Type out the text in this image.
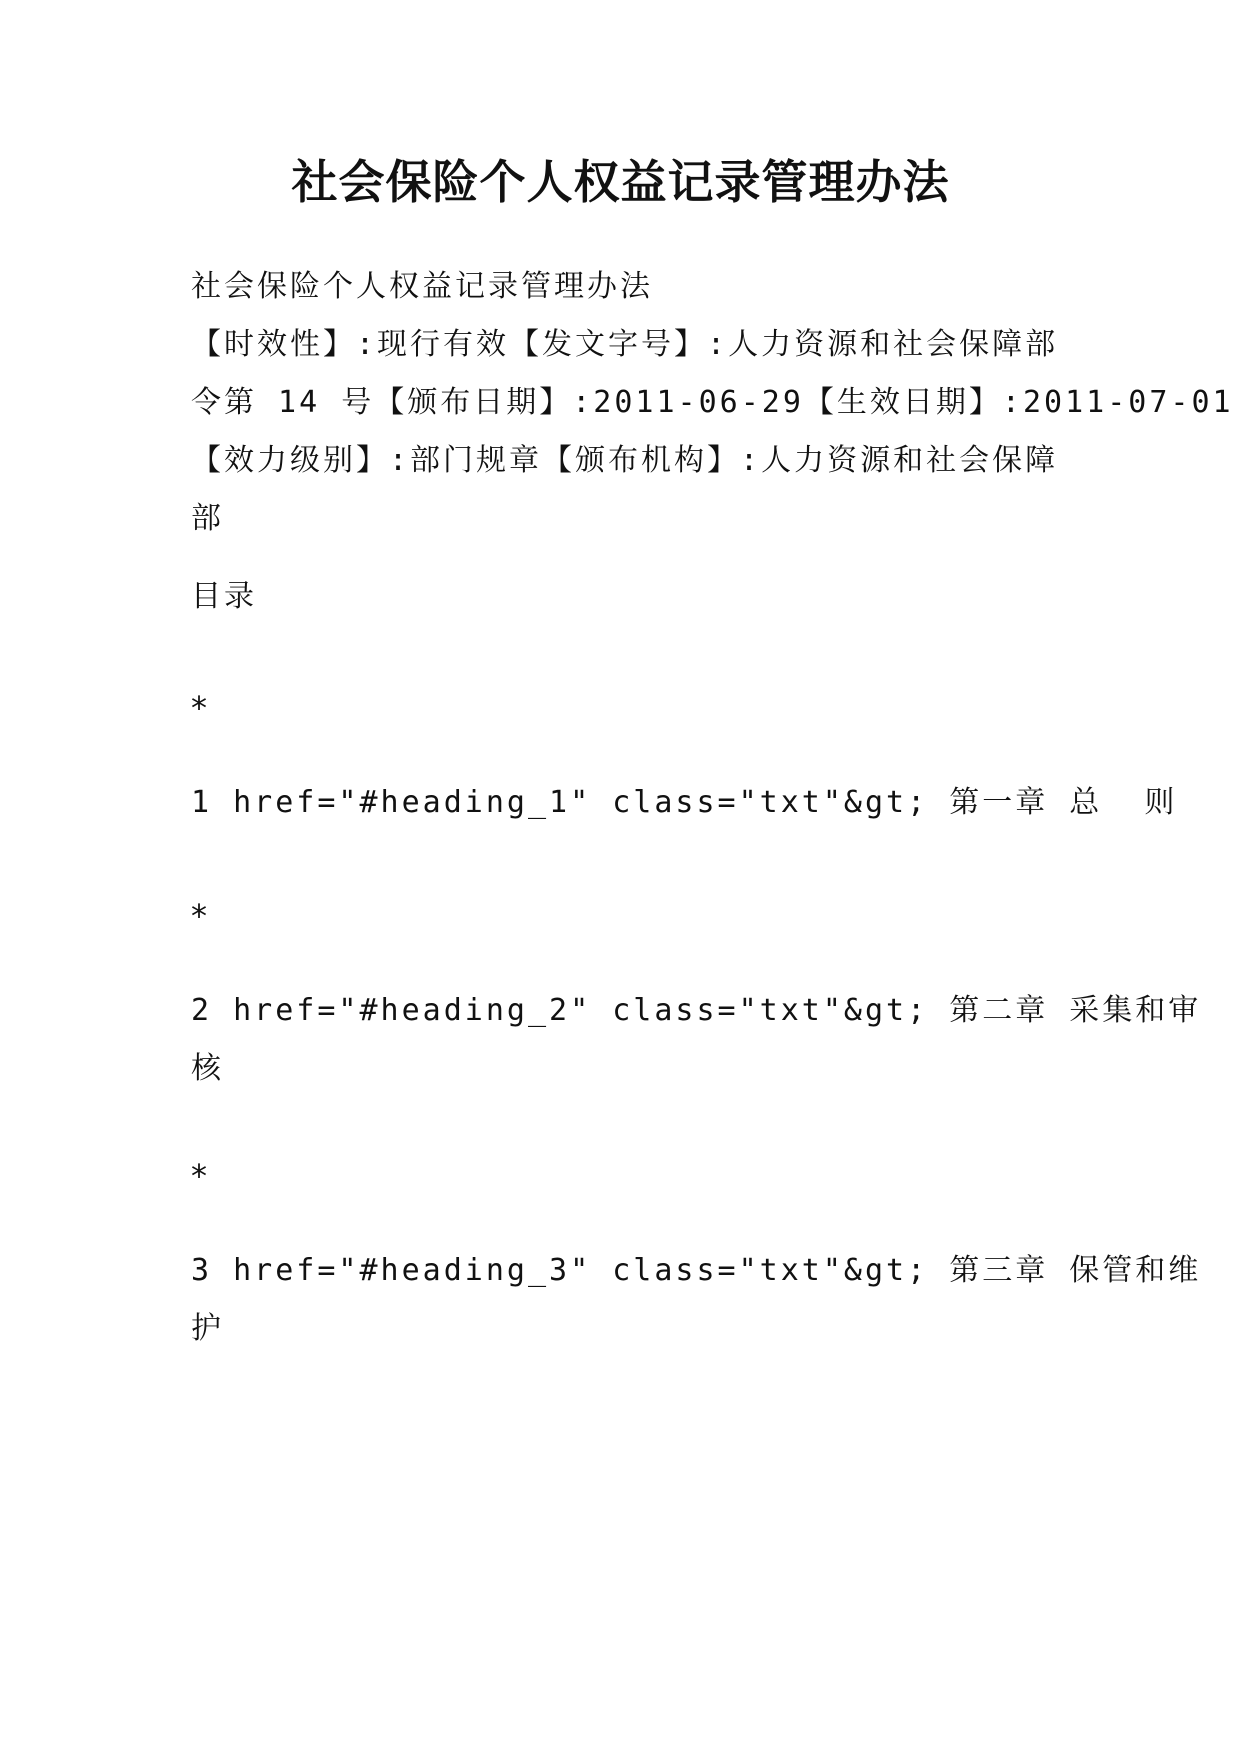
社会保险个人权益记录管理办法
社会保险个人权益记录管理办法
【时效性】:现行有效【发文字号】:人力资源和社会保障部
令第 14 号【颁布日期】:2011-06-29【生效日期】:2011-07-01
【效力级别】:部门规章【颁布机构】:人力资源和社会保障
部
目录
*
1 href="#heading_1" class="txt"&gt; 第一章 总  则
*
2 href="#heading_2" class="txt"&gt; 第二章 采集和审
核
*
3 href="#heading_3" class="txt"&gt; 第三章 保管和维
护
